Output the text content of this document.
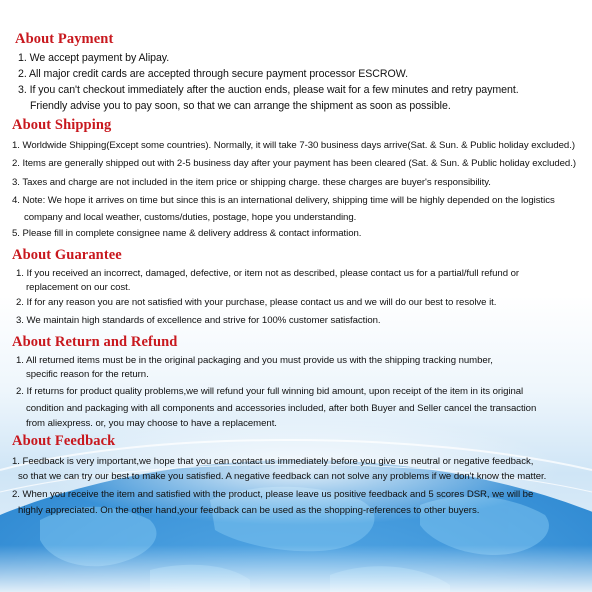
About Payment
1. We accept payment by Alipay.
2. All major credit cards are accepted through secure payment processor ESCROW.
3. If you can't checkout immediately after the auction ends, please wait for a few minutes and retry payment.
Friendly advise you to pay soon, so that we can arrange the shipment as soon as possible.
About Shipping
1. Worldwide Shipping(Except some countries). Normally, it will take 7-30 business days arrive(Sat. & Sun. & Public holiday excluded.)
2. Items are generally shipped out with 2-5 business day after your payment has been cleared (Sat. & Sun. & Public holiday excluded.)
3. Taxes and charge are not included in the item price or shipping charge. these charges are buyer's responsibility.
4. Note: We hope it arrives on time but since this is an international delivery, shipping time will be highly depended on the logistics
company and local weather, customs/duties, postage, hope you understanding.
5. Please fill in complete consignee name & delivery address & contact information.
About Guarantee
1. If you received an incorrect, damaged, defective, or item not as described, please contact us for a partial/full refund or
replacement on our cost.
2. If for any reason you are not satisfied with your purchase, please contact us and we will do our best to resolve it.
3. We maintain high standards of excellence and strive for 100% customer satisfaction.
About Return and Refund
1. All returned items must be in the original packaging and you must provide us with the shipping tracking number,
specific reason for the return.
2. If returns for product quality problems,we will refund your full winning bid amount, upon receipt of the item in its original
condition and packaging with all components and accessories included, after both Buyer and Seller cancel the transaction
from aliexpress. or, you may choose to have a replacement.
About Feedback
1. Feedback is very important,we hope that you can contact us immediately before you give us neutral or negative feedback,
so that we can try our best to make you satisfied. A negative feedback can not solve any problems if we don't know the matter.
2. When you receive the item and satisfied with the product, please leave us positive feedback and 5 scores DSR, we will be
highly appreciated. On the other hand,your feedback can be used as the shopping-references to other buyers.
